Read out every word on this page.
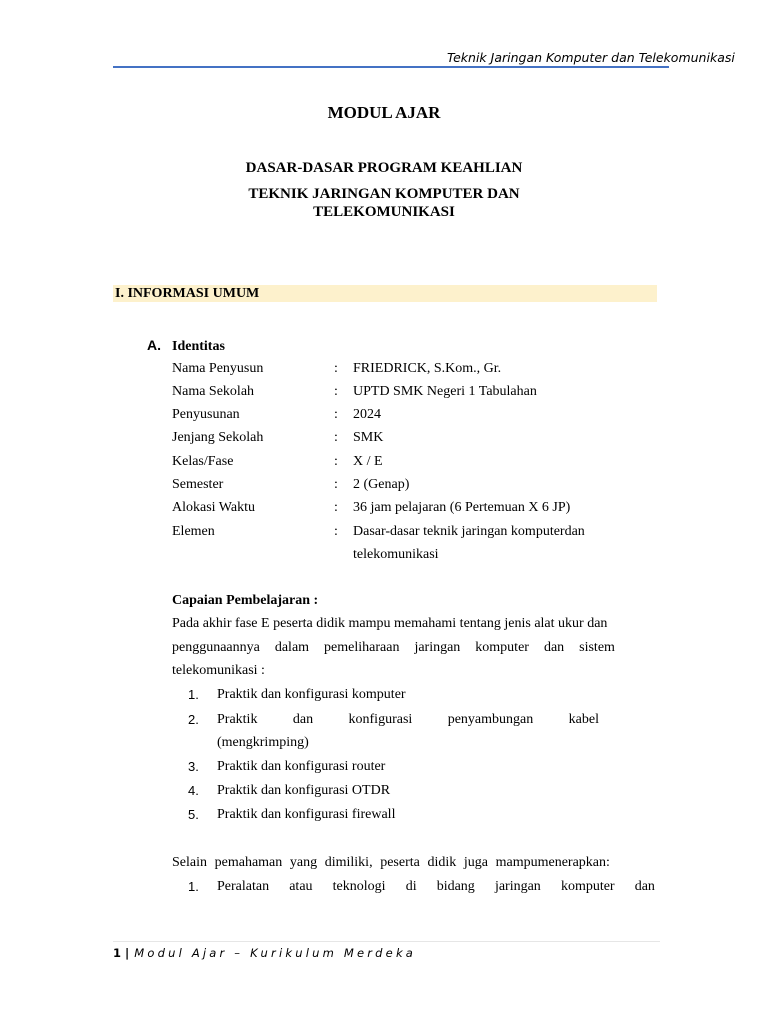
Teknik Jaringan Komputer dan Telekomunikasi
MODUL AJAR
DASAR-DASAR PROGRAM KEAHLIAN
TEKNIK JARINGAN KOMPUTER DAN
TELEKOMUNIKASI
I. INFORMASI UMUM
A. Identitas
Nama Penyusun	: FRIEDRICK, S.Kom., Gr.
Nama Sekolah	: UPTD SMK Negeri 1 Tabulahan
Penyusunan	: 2024
Jenjang Sekolah	: SMK
Kelas/Fase	: X / E
Semester	: 2 (Genap)
Alokasi Waktu	: 36 jam pelajaran (6 Pertemuan X 6 JP)
Elemen	: Dasar-dasar teknik jaringan komputerdan
telekomunikasi
Capaian Pembelajaran :
Pada akhir fase E peserta didik mampu memahami tentang jenis alat ukur dan
penggunaannya dalam pemeliharaan jaringan komputer dan sistem
telekomunikasi :
1. Praktik dan konfigurasi komputer
2. Praktik	dan	konfigurasi	penyambungan	kabel
(mengkrimping)
3. Praktik dan konfigurasi router
4. Praktik dan konfigurasi OTDR
5. Praktik dan konfigurasi firewall
Selain pemahaman yang dimiliki, peserta didik juga mampumenerapkan:
1. Peralatan atau teknologi di bidang jaringan komputer dan
1 | Modul Ajar – Kurikulum Merdeka
